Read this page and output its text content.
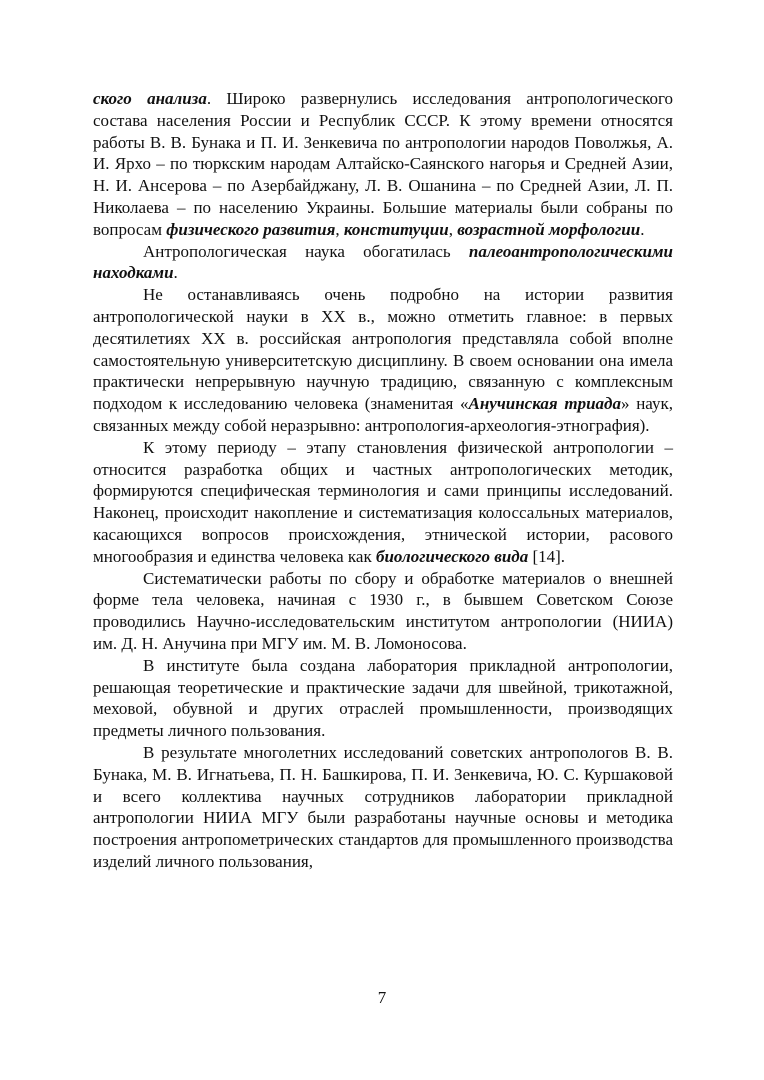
ского анализа. Широко развернулись исследования антропологического состава населения России и Республик СССР. К этому времени относятся работы В. В. Бунака и П. И. Зенкевича по антропологии народов Поволжья, А. И. Ярхо – по тюркским народам Алтайско-Саянского нагорья и Средней Азии, Н. И. Ансерова – по Азербайджану, Л. В. Ошанина – по Средней Азии, Л. П. Николаева – по населению Украины. Большие материалы были собраны по вопросам физического развития, конституции, возрастной морфологии.

Антропологическая наука обогатилась палеоантропологическими находками.

Не останавливаясь очень подробно на истории развития антропологической науки в XX в., можно отметить главное: в первых десятилетиях XX в. российская антропология представляла собой вполне самостоятельную университетскую дисциплину. В своем основании она имела практически непрерывную научную традицию, связанную с комплексным подходом к исследованию человека (знаменитая «Анучинская триада» наук, связанных между собой неразрывно: антропология-археология-этнография).

К этому периоду – этапу становления физической антропологии – относится разработка общих и частных антропологических методик, формируются специфическая терминология и сами принципы исследований. Наконец, происходит накопление и систематизация колоссальных материалов, касающихся вопросов происхождения, этнической истории, расового многообразия и единства человека как биологического вида [14].

Систематически работы по сбору и обработке материалов о внешней форме тела человека, начиная с 1930 г., в бывшем Советском Союзе проводились Научно-исследовательским институтом антропологии (НИИА) им. Д. Н. Анучина при МГУ им. М. В. Ломоносова.

В институте была создана лаборатория прикладной антропологии, решающая теоретические и практические задачи для швейной, трикотажной, меховой, обувной и других отраслей промышленности, производящих предметы личного пользования.

В результате многолетних исследований советских антропологов В. В. Бунака, М. В. Игнатьева, П. Н. Башкирова, П. И. Зенкевича, Ю. С. Куршаковой и всего коллектива научных сотрудников лаборатории прикладной антропологии НИИА МГУ были разработаны научные основы и методика построения антропометрических стандартов для промышленного производства изделий личного пользования,

7
